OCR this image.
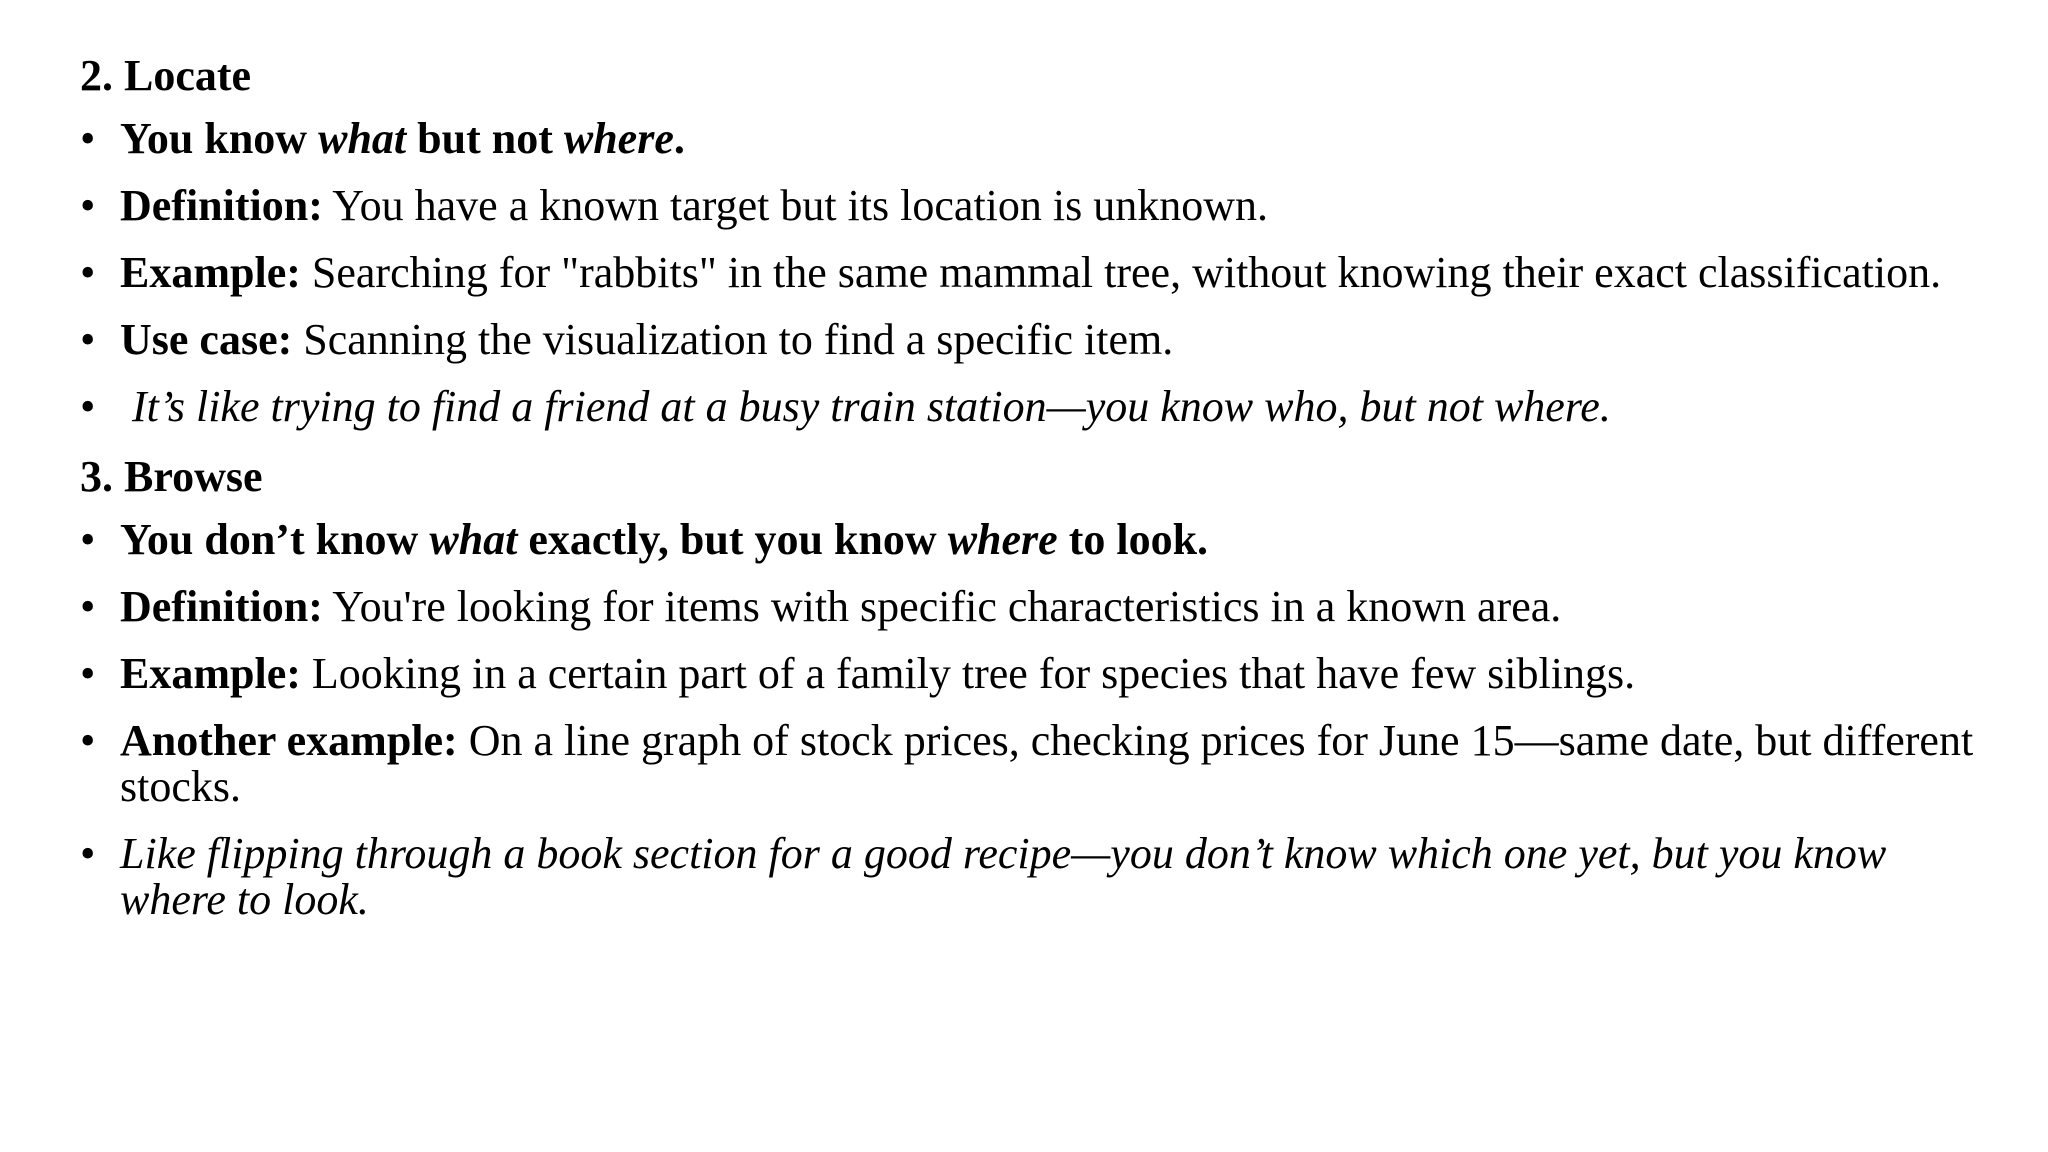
2. Locate
• You know what but not where.
• Definition: You have a known target but its location is unknown.
• Example: Searching for "rabbits" in the same mammal tree, without knowing their exact classification.
• Use case: Scanning the visualization to find a specific item.
• It’s like trying to find a friend at a busy train station—you know who, but not where.
3. Browse
• You don’t know what exactly, but you know where to look.
• Definition: You're looking for items with specific characteristics in a known area.
• Example: Looking in a certain part of a family tree for species that have few siblings.
• Another example: On a line graph of stock prices, checking prices for June 15—same date, but different stocks.
• Like flipping through a book section for a good recipe—you don’t know which one yet, but you know where to look.
